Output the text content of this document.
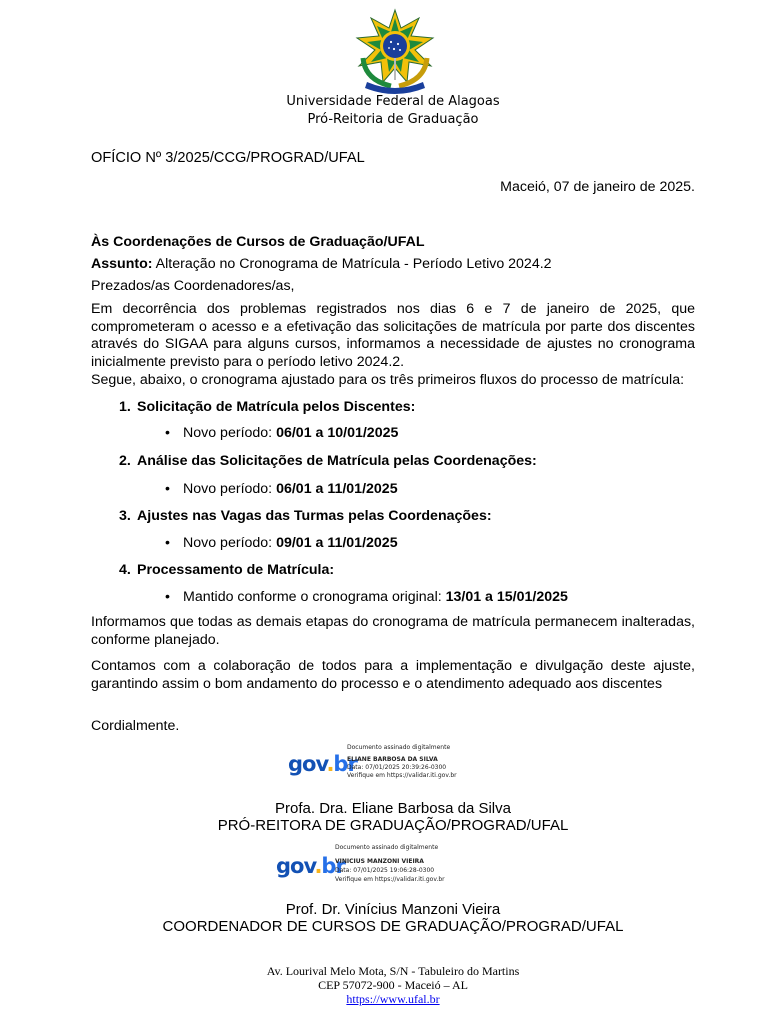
Universidade Federal de Alagoas
Pró-Reitoria de Graduação
OFÍCIO Nº 3/2025/CCG/PROGRAD/UFAL
Maceió, 07 de janeiro de 2025.
Às Coordenações de Cursos de Graduação/UFAL
Assunto: Alteração no Cronograma de Matrícula - Período Letivo 2024.2
Prezados/as Coordenadores/as,
Em decorrência dos problemas registrados nos dias 6 e 7 de janeiro de 2025, que comprometeram o acesso e a efetivação das solicitações de matrícula por parte dos discentes através do SIGAA para alguns cursos, informamos a necessidade de ajustes no cronograma inicialmente previsto para o período letivo 2024.2.
Segue, abaixo, o cronograma ajustado para os três primeiros fluxos do processo de matrícula:
1. Solicitação de Matrícula pelos Discentes:
• Novo período: 06/01 a 10/01/2025
2. Análise das Solicitações de Matrícula pelas Coordenações:
• Novo período: 06/01 a 11/01/2025
3. Ajustes nas Vagas das Turmas pelas Coordenações:
• Novo período: 09/01 a 11/01/2025
4. Processamento de Matrícula:
• Mantido conforme o cronograma original: 13/01 a 15/01/2025
Informamos que todas as demais etapas do cronograma de matrícula permanecem inalteradas, conforme planejado.
Contamos com a colaboração de todos para a implementação e divulgação deste ajuste, garantindo assim o bom andamento do processo e o atendimento adequado aos discentes
Cordialmente.
gov.br
Documento assinado digitalmente
ELIANE BARBOSA DA SILVA
Data: 07/01/2025 20:39:26-0300
Verifique em https://validar.iti.gov.br
Profa. Dra. Eliane Barbosa da Silva
PRÓ-REITORA DE GRADUAÇÃO/PROGRAD/UFAL
gov.br
Documento assinado digitalmente
VINICIUS MANZONI VIEIRA
Data: 07/01/2025 19:06:28-0300
Verifique em https://validar.iti.gov.br
Prof. Dr. Vinícius Manzoni Vieira
COORDENADOR DE CURSOS DE GRADUAÇÃO/PROGRAD/UFAL
Av. Lourival Melo Mota, S/N - Tabuleiro do Martins
CEP 57072-900 - Maceió – AL
https://www.ufal.br
